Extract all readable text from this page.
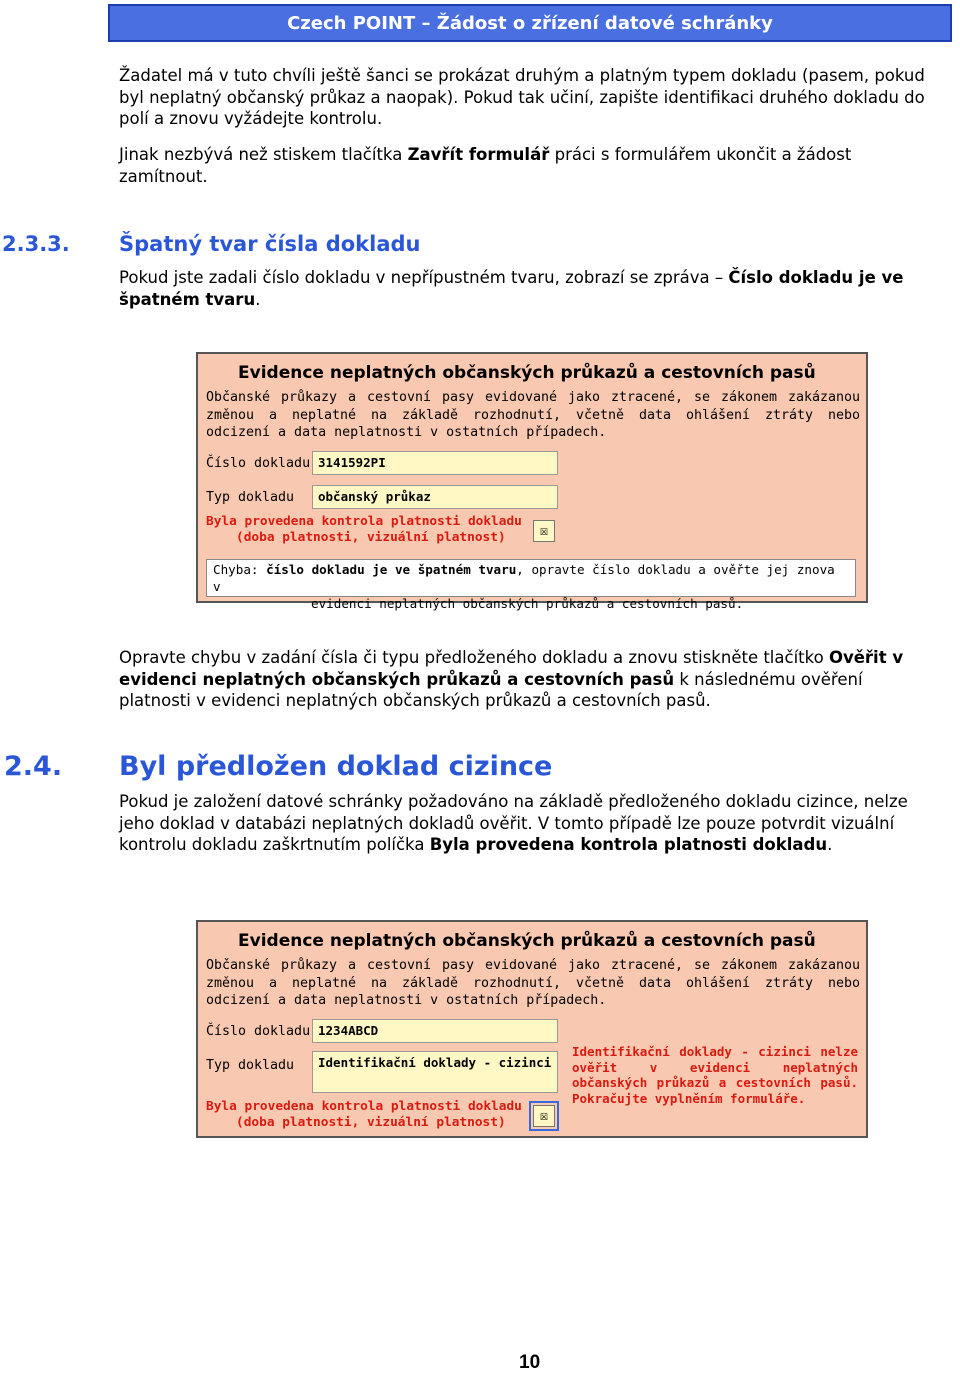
Czech POINT – Žádost o zřízení datové schránky
Žadatel má v tuto chvíli ještě šanci se prokázat druhým a platným typem dokladu (pasem, pokud byl neplatný občanský průkaz a naopak). Pokud tak učiní, zapište identifikaci druhého dokladu do polí a znovu vyžádejte kontrolu.
Jinak nezbývá než stiskem tlačítka Zavřít formulář práci s formulářem ukončit a žádost zamítnout.
2.3.3.	Špatný tvar čísla dokladu
Pokud jste zadali číslo dokladu v nepřípustném tvaru, zobrazí se zpráva – Číslo dokladu je ve špatném tvaru.
Evidence neplatných občanských průkazů a cestovních pasů
Občanské průkazy a cestovní pasy evidované jako ztracené, se zákonem zakázanou změnou a neplatné na základě rozhodnutí, včetně data ohlášení ztráty nebo odcizení a data neplatnosti v ostatních případech.
Číslo dokladu 3141592PI
Typ dokladu	občanský průkaz
Byla provedena kontrola platnosti dokladu
(doba platnosti, vizuální platnost)	☒
Chyba: číslo dokladu je ve špatném tvaru, opravte číslo dokladu a ověřte jej znova v
evidenci neplatných občanských průkazů a cestovních pasů.
Opravte chybu v zadání čísla či typu předloženého dokladu a znovu stiskněte tlačítko Ověřit v evidenci neplatných občanských průkazů a cestovních pasů k následnému ověření platnosti v evidenci neplatných občanských průkazů a cestovních pasů.
2.4.	Byl předložen doklad cizince
Pokud je založení datové schránky požadováno na základě předloženého dokladu cizince, nelze jeho doklad v databázi neplatných dokladů ověřit. V tomto případě lze pouze potvrdit vizuální kontrolu dokladu zaškrtnutím políčka Byla provedena kontrola platnosti dokladu.
Evidence neplatných občanských průkazů a cestovních pasů
Občanské průkazy a cestovní pasy evidované jako ztracené, se zákonem zakázanou změnou a neplatné na základě rozhodnutí, včetně data ohlášení ztráty nebo odcizení a data neplatnosti v ostatních případech.
Číslo dokladu 1234ABCD
Typ dokladu	Identifikační doklady - cizinci
Identifikační doklady - cizinci nelze ověřit v evidenci neplatných občanských průkazů a cestovních pasů. Pokračujte vyplněním formuláře.
Byla provedena kontrola platnosti dokladu
(doba platnosti, vizuální platnost)	☒
10
